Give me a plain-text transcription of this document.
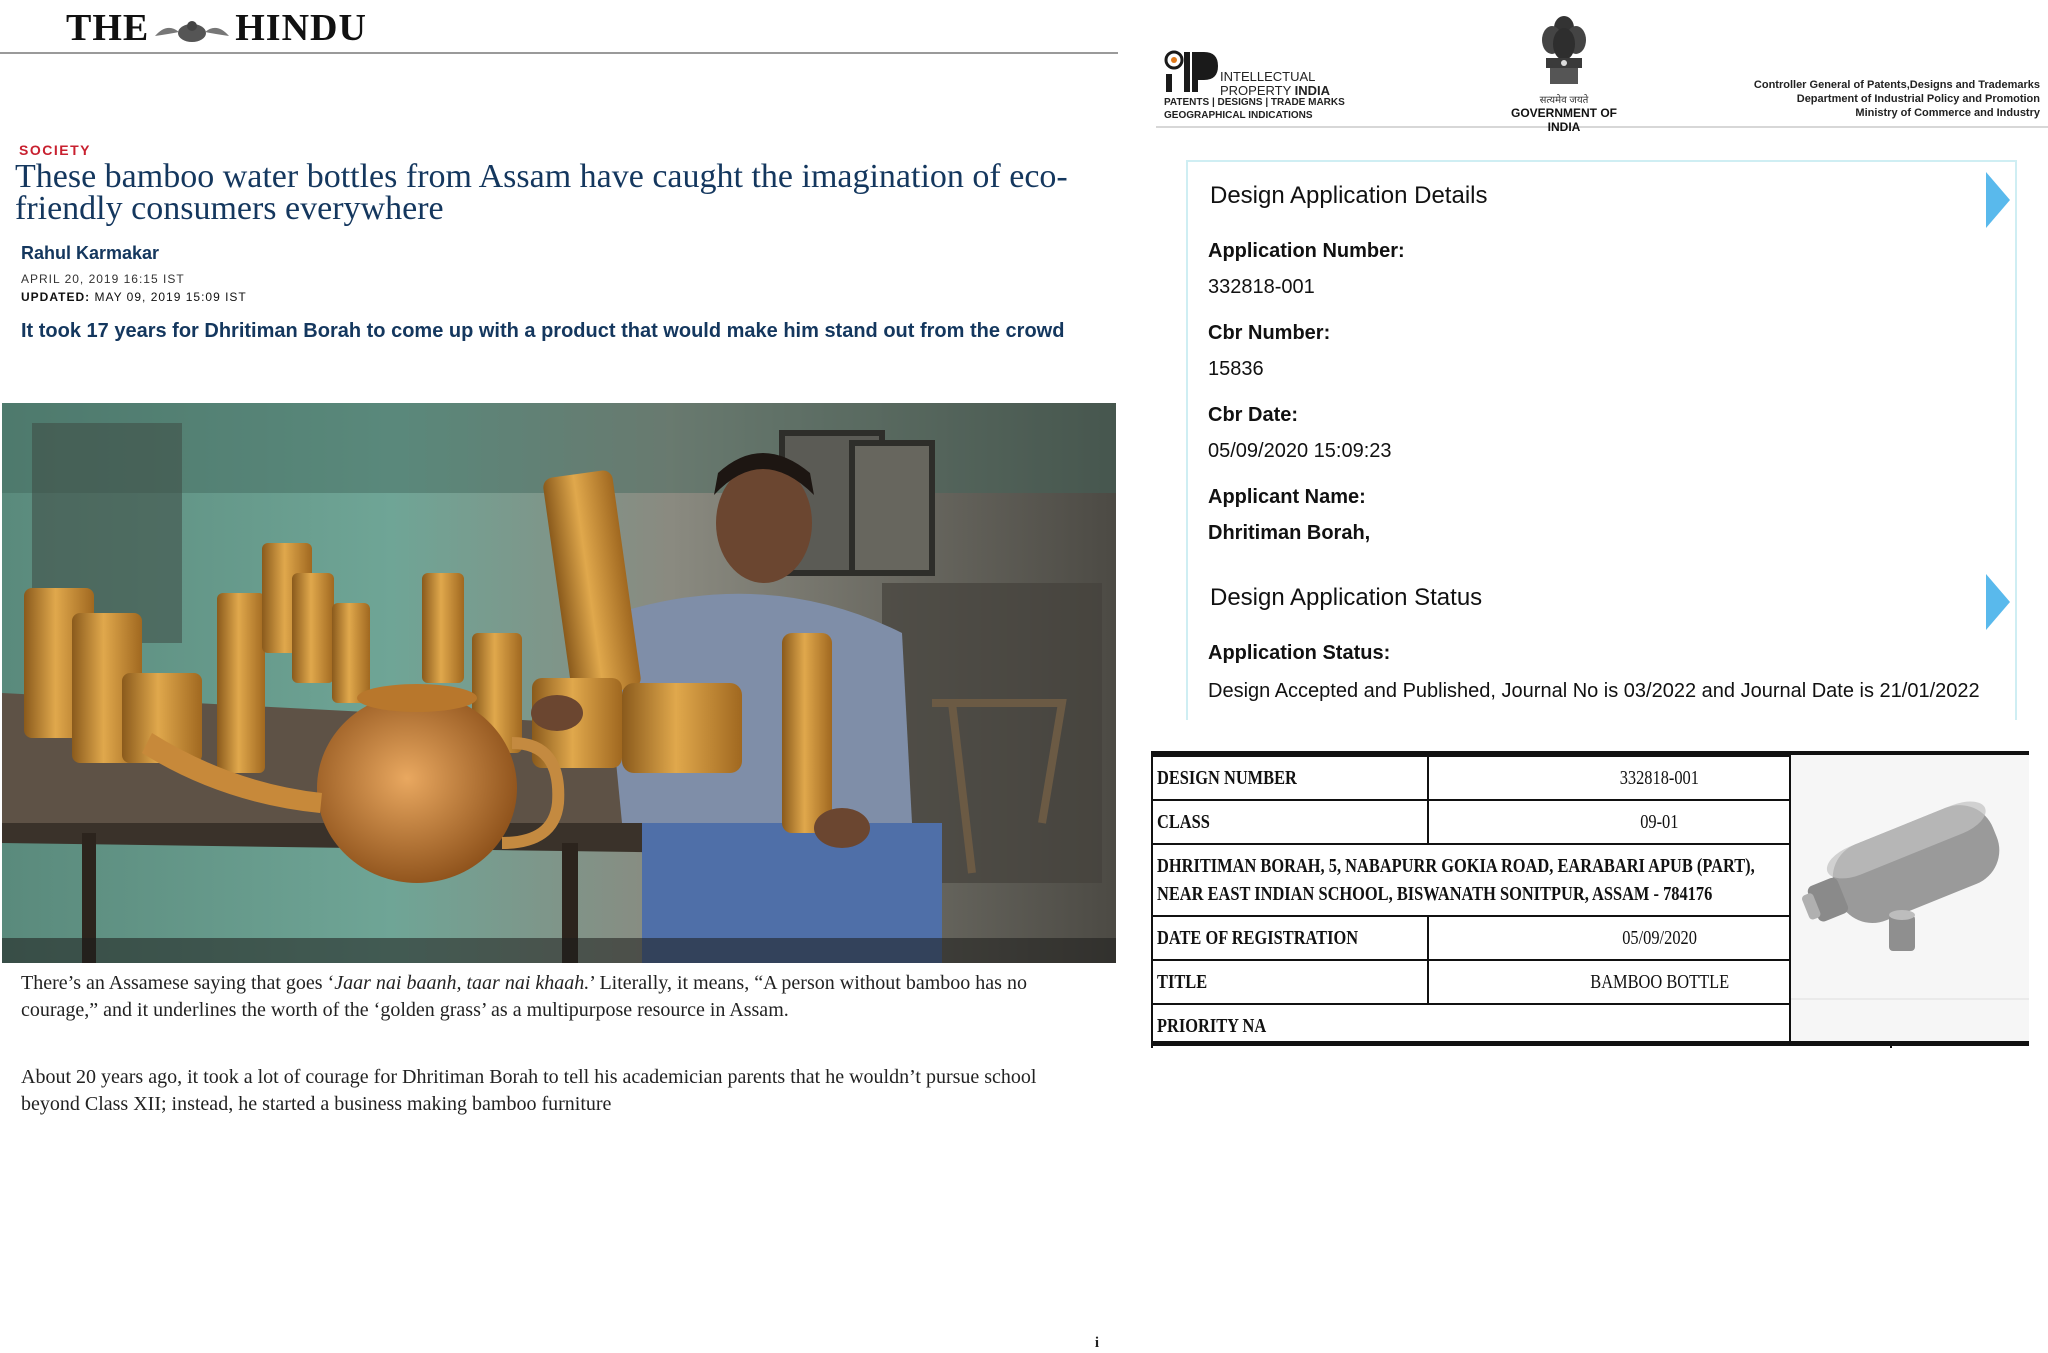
THE HINDU
SOCIETY
These bamboo water bottles from Assam have caught the imagination of eco-friendly consumers everywhere
Rahul Karmakar
APRIL 20, 2019 16:15 IST
UPDATED: MAY 09, 2019 15:09 IST
It took 17 years for Dhritiman Borah to come up with a product that would make him stand out from the crowd
i

There’s an Assamese saying that goes ‘Jaar nai baanh, taar nai khaah.’ Literally, it means, “A person without bamboo has no courage,” and it underlines the worth of the ‘golden grass’ as a multipurpose resource in Assam.

About 20 years ago, it took a lot of courage for Dhritiman Borah to tell his academician parents that he wouldn’t pursue school beyond Class XII; instead, he started a business making bamboo furniture

INTELLECTUAL
PROPERTY INDIA
PATENTS | DESIGNS | TRADE MARKS
GEOGRAPHICAL INDICATIONS
सत्यमेव जयते
GOVERNMENT OF INDIA
Controller General of Patents,Designs and Trademarks
Department of Industrial Policy and Promotion
Ministry of Commerce and Industry
Design Application Details
Application Number:
332818-001
Cbr Number:
15836
Cbr Date:
05/09/2020 15:09:23
Applicant Name:
Dhritiman Borah,
Design Application Status
Application Status:
Design Accepted and Published, Journal No is 03/2022 and Journal Date is 21/01/2022
DESIGN NUMBER	332818-001
CLASS	09-01
DHRITIMAN BORAH, 5, NABAPURR GOKIA ROAD, EARABARI APUB (PART),
NEAR EAST INDIAN SCHOOL, BISWANATH SONITPUR, ASSAM - 784176	
DATE OF REGISTRATION	05/09/2020
TITLE	BAMBOO BOTTLE
PRIORITY NA	
